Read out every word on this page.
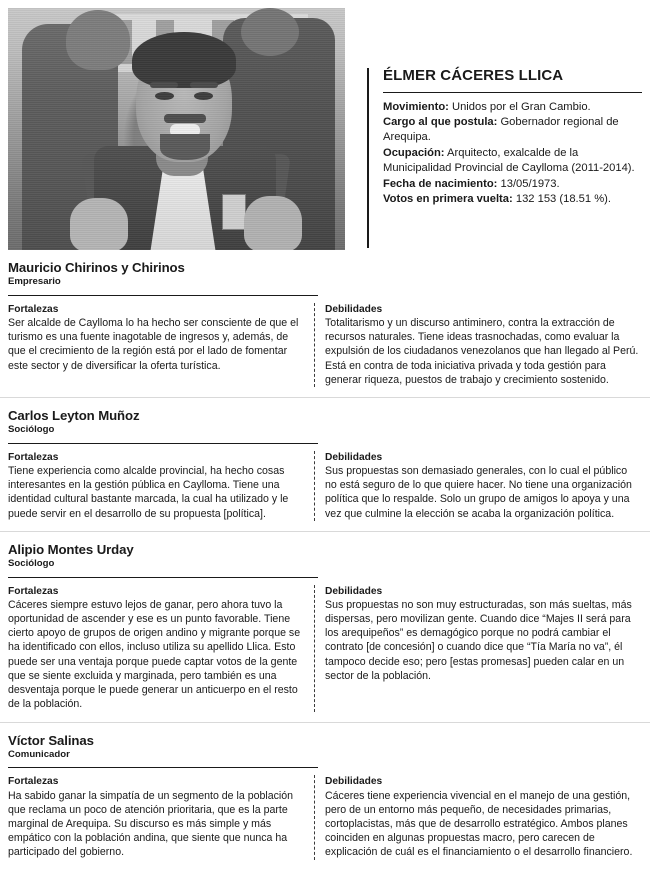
ÉLMER CÁCERES LLICA

Movimiento: Unidos por el Gran Cambio.

Cargo al que postula: Gobernador regional de Arequipa.

Ocupación: Arquitecto, exalcalde de la Municipalidad Provincial de Caylloma (2011-2014).

Fecha de nacimiento: 13/05/1973.

Votos en primera vuelta: 132 153 (18.51 %).

Mauricio Chirinos y Chirinos
Empresario
Fortalezas

Ser alcalde de Caylloma lo ha hecho ser consciente de que el turismo es una fuente inagotable de ingresos y, además, de que el crecimiento de la región está por el lado de fomentar este sector y de diversificar la oferta turística.

Debilidades

Totalitarismo y un discurso antiminero, contra la extracción de recursos naturales. Tiene ideas trasnochadas, como evaluar la expulsión de los ciudadanos venezolanos que han llegado al Perú. Está en contra de toda iniciativa privada y toda gestión para generar riqueza, puestos de trabajo y crecimiento sostenido.

Carlos Leyton Muñoz
Sociólogo
Fortalezas

Tiene experiencia como alcalde provincial, ha hecho cosas interesantes en la gestión pública en Caylloma. Tiene una identidad cultural bastante marcada, la cual ha utilizado y le puede servir en el desarrollo de su propuesta [política].

Debilidades

Sus propuestas son demasiado generales, con lo cual el público no está seguro de lo que quiere hacer. No tiene una organización política que lo respalde. Solo un grupo de amigos lo apoya y una vez que culmine la elección se acaba la organización política.

Alipio Montes Urday
Sociólogo
Fortalezas

Cáceres siempre estuvo lejos de ganar, pero ahora tuvo la oportunidad de ascender y ese es un punto favorable. Tiene cierto apoyo de grupos de origen andino y migrante porque se ha identificado con ellos, incluso utiliza su apellido Llica. Esto puede ser una ventaja porque puede captar votos de la gente que se siente excluida y marginada, pero también es una desventaja porque le puede generar un anticuerpo en el resto de la población.

Debilidades

Sus propuestas no son muy estructuradas, son más sueltas, más dispersas, pero movilizan gente. Cuando dice “Majes II será para los arequipeños” es demagógico porque no podrá cambiar el contrato [de concesión] o cuando dice que “Tía María no va”, él tampoco decide eso; pero [estas promesas] pueden calar en un sector de la población.

Víctor Salinas
Comunicador
Fortalezas

Ha sabido ganar la simpatía de un segmento de la población que reclama un poco de atención prioritaria, que es la parte marginal de Arequipa. Su discurso es más simple y más empático con la población andina, que siente que nunca ha participado del gobierno.

Debilidades

Cáceres tiene experiencia vivencial en el manejo de una gestión, pero de un entorno más pequeño, de necesidades primarias, cortoplacistas, más que de desarrollo estratégico. Ambos planes coinciden en algunas propuestas macro, pero carecen de explicación de cuál es el financiamiento o el desarrollo financiero.
